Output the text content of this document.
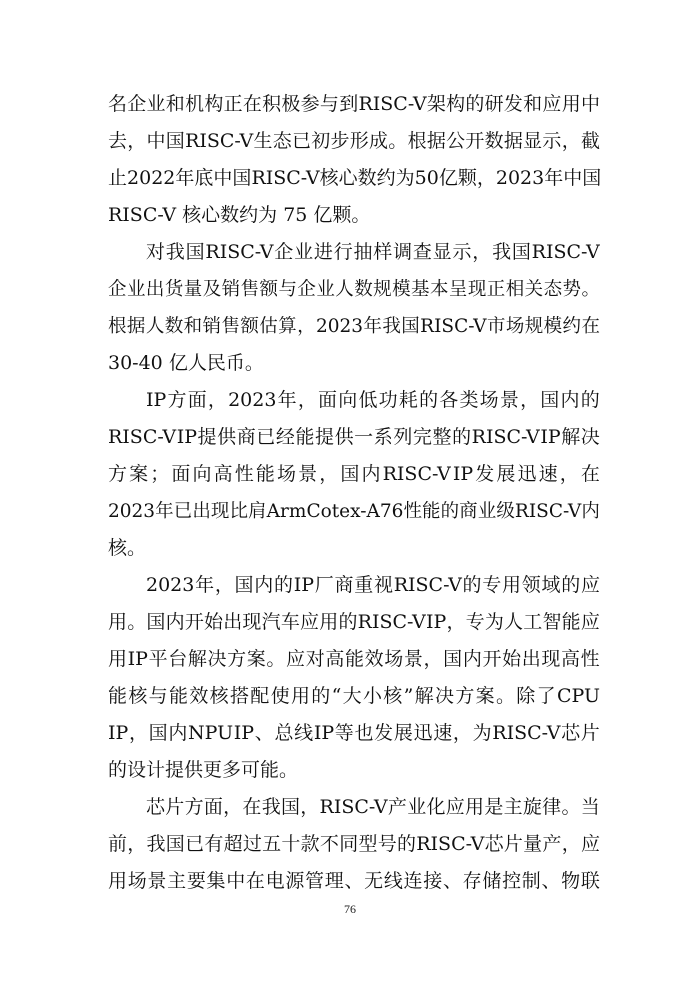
名 企 业 和 机 构 正 在 积 极 参 与 到 RISC-V 架 构 的 研 发 和 应 用 中
去 ， 中 国 RISC-V 生 态 已 初 步 形 成 。 根 据 公 开 数 据 显 示 ， 截
止 2022 年 底 中 国 RISC-V 核 心 数 约 为 50 亿 颗 ， 2023 年 中 国
RISC-V 核心数约为 75 亿颗。
对 我 国 RISC-V 企 业 进 行 抽 样 调 查 显 示 ， 我 国 RISC-V
企 业 出 货 量 及 销 售 额 与 企 业 人 数 规 模 基 本 呈 现 正 相 关 态 势 。
根 据 人 数 和 销 售 额 估 算 ， 2023 年 我 国 RISC-V 市 场 规 模 约 在
30-40 亿人民币。
IP 方 面 ， 2023 年 ， 面 向 低 功 耗 的 各 类 场 景 ， 国 内 的
RISC-V IP 提 供 商 已 经 能 提 供 一 系 列 完 整 的 RISC-V IP 解 决
方 案 ； 面 向 高 性 能 场 景 ， 国 内 RISC-V IP 发 展 迅 速 ， 在
2023 年 已 出 现 比 肩 Arm Cotex-A76 性 能 的 商 业 级 RISC-V 内
核。
2023 年 ， 国 内 的 IP 厂 商 重 视 RISC-V 的 专 用 领 域 的 应
用 。 国 内 开 始 出 现 汽 车 应 用 的 RISC-V IP ， 专 为 人 工 智 能 应
用 IP 平 台 解 决 方 案 。 应 对 高 能 效 场 景 ， 国 内 开 始 出 现 高 性
能 核 与 能 效 核 搭 配 使 用 的 “ 大 小 核 ” 解 决 方 案 。 除 了 CPU
IP ， 国 内 NPU IP 、 总 线 IP 等 也 发 展 迅 速 ， 为 RISC-V 芯 片
的设计提供更多可能。
芯 片 方 面 ， 在 我 国 ， RISC-V 产 业 化 应 用 是 主 旋 律 。 当
前 ， 我 国 已 有 超 过 五 十 款 不 同 型 号 的 RISC-V 芯 片 量 产 ， 应
用 场 景 主 要 集 中 在 电 源 管 理 、 无 线 连 接 、 存 储 控 制 、 物 联
76
